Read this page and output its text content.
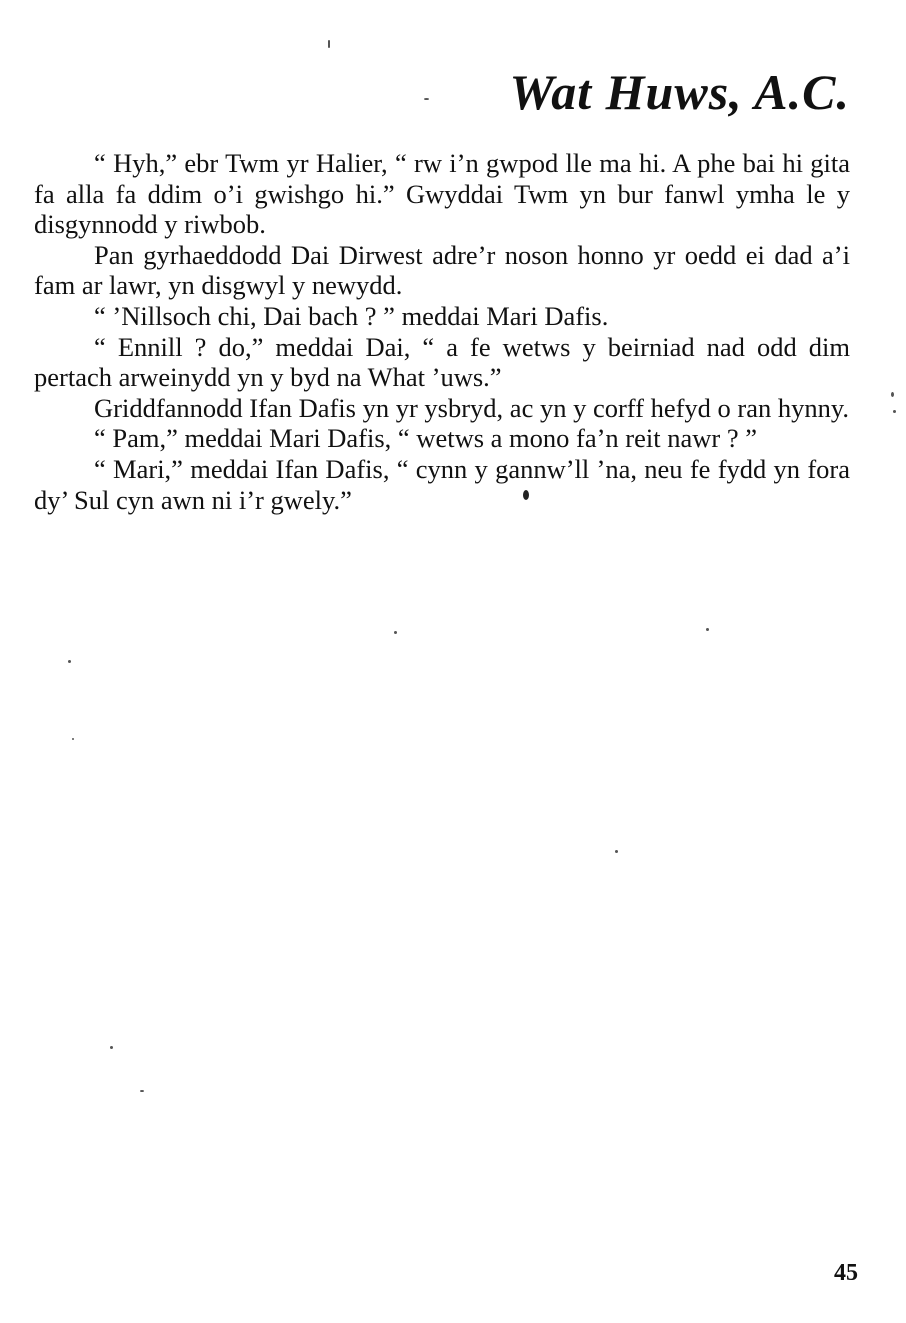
Wat Huws, A.C.

“ Hyh,” ebr Twm yr Halier, “ rw i’n gwpod lle ma hi. A phe bai hi gita fa alla fa ddim o’i gwishgo hi.” Gwyddai Twm yn bur fanwl ymha le y disgynnodd y riwbob.

Pan gyrhaeddodd Dai Dirwest adre’r noson honno yr oedd ei dad a’i fam ar lawr, yn disgwyl y newydd.

“ ’Nillsoch chi, Dai bach ? ” meddai Mari Dafis.

“ Ennill ? do,” meddai Dai, “ a fe wetws y beirniad nad odd dim pertach arweinydd yn y byd na What ’uws.”

Griddfannodd Ifan Dafis yn yr ysbryd, ac yn y corff hefyd o ran hynny.

“ Pam,” meddai Mari Dafis, “ wetws a mono fa’n reit nawr ? ”

“ Mari,” meddai Ifan Dafis, “ cynn y gannw’ll ’na, neu fe fydd yn fora dy’ Sul cyn awn ni i’r gwely.”

45
